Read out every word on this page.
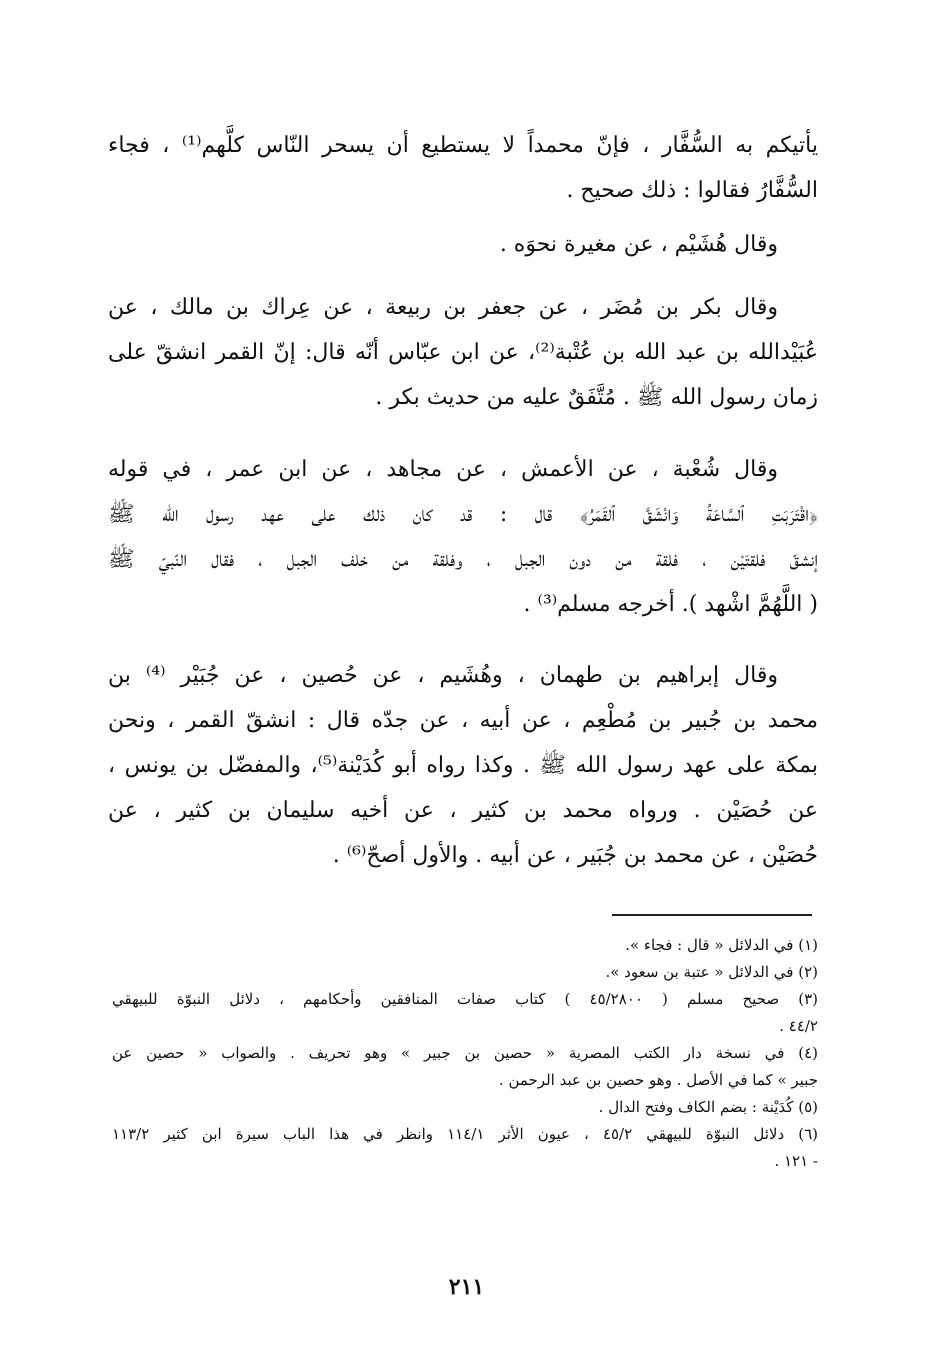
يأتيكم به السُّفَّار ، فإنّ محمداً لا يستطيع أن يسحر النّاس كلَّهم⁽¹⁾ ، فجاء
السُّفَّارُ فقالوا : ذلك صحيح .
وقال هُشَيْم ، عن مغيرة نحوَه .
وقال بكر بن مُضَر ، عن جعفر بن ربيعة ، عن عِراك بن مالك ، عن
عُبَيْدالله بن عبد الله بن عُتْبة⁽²⁾، عن ابن عبّاس أنّه قال: إنّ القمر انشقّ على
زمان رسول الله ﷺ . مُتَّفَقٌ عليه من حديث بكر .
وقال شُعْبة ، عن الأعمش ، عن مجاهد ، عن ابن عمر ، في قوله
﴿اقْتَرَبَتِ ٱلسَّاعَةُ وَانْشَقَّ ٱلقَمَرُ﴾ قال : قد كان ذلك على عهد رسول الله ﷺ
إنشقّ فلقتَيْن ، فلقة من دون الجبل ، وفلقة من خلف الجبل ، فقال النّبيّ ﷺ
( اللَّهُمَّ اشْهد ). أخرجه مسلم⁽³⁾ .
وقال إبراهيم بن طهمان ، وهُشَيم ، عن حُصين ، عن جُبَيْر ⁽⁴⁾ بن
محمد بن جُبير بن مُطْعِم ، عن أبيه ، عن جدّه قال : انشقّ القمر ، ونحن
بمكة على عهد رسول الله ﷺ . وكذا رواه أبو كُدَيْنة⁽⁵⁾، والمفضّل بن يونس ،
عن حُصَيْن . ورواه محمد بن كثير ، عن أخيه سليمان بن كثير ، عن
حُصَيْن ، عن محمد بن جُبَير ، عن أبيه . والأول أصحّ⁽⁶⁾ .
(١) في الدلائل « قال : فجاء ».
(٢) في الدلائل « عتبة بن سعود ».
(٣) صحيح مسلم ( ٤٥/٢٨٠٠ ) كتاب صفات المنافقين وأحكامهم ، دلائل النبوّة للبيهقي
٤٤/٢ .
(٤) في نسخة دار الكتب المصرية « حصين بن جبير » وهو تحريف . والصواب « حصين عن
جبير » كما في الأصل . وهو حصين بن عبد الرحمن .
(٥) كُدَيْنة : بضم الكاف وفتح الدال .
(٦) دلائل النبوّة للبيهقي ٤٥/٢ ، عيون الأثر ١١٤/١ وانظر في هذا الباب سيرة ابن كثير ١١٣/٢
- ١٢١ .
٢١١
